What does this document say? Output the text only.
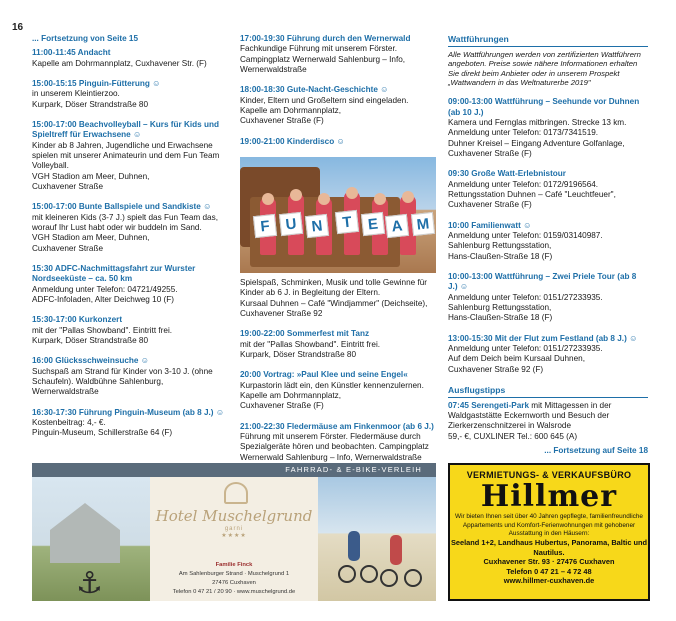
16
... Fortsetzung von Seite 15
11:00-11:45 Andacht
Kapelle am Dohrmannplatz, Cuxhavener Str. (F)
15:00-15:15 Pinguin-Fütterung ☺
in unserem Kleintierzoo.
Kurpark, Döser Strandstraße 80
15:00-17:00 Beachvolleyball – Kurs für Kids und Spieltreff für Erwachsene ☺
Kinder ab 8 Jahren, Jugendliche und Erwachsene spielen mit unserer Animateurin und dem Fun Team Volleyball.
VGH Stadion am Meer, Duhnen,
Cuxhavener Straße
15:00-17:00 Bunte Ballspiele und Sandkiste ☺
mit kleineren Kids (3-7 J.) spielt das Fun Team das, worauf Ihr Lust habt oder wir buddeln im Sand.
VGH Stadion am Meer, Duhnen,
Cuxhavener Straße
15:30 ADFC-Nachmittagsfahrt zur Wurster Nordseeküste – ca. 50 km
Anmeldung unter Telefon: 04721/49255.
ADFC-Infoladen, Alter Deichweg 10 (F)
15:30-17:00 Kurkonzert
mit der "Pallas Showband". Eintritt frei.
Kurpark, Döser Strandstraße 80
16:00 Glücksschweinsuche ☺
Suchspaß am Strand für Kinder von 3-10 J. (ohne Schaufeln). Waldbühne Sahlenburg, Wernerwaldstraße
16:30-17:30 Führung Pinguin-Museum (ab 8 J.) ☺
Kostenbeitrag: 4,- €.
Pinguin-Museum, Schillerstraße 64 (F)
17:00-19:30 Führung durch den Wernerwald
Fachkundige Führung mit unserem Förster.
Campingplatz Wernerwald Sahlenburg – Info, Wernerwaldstraße
18:00-18:30 Gute-Nacht-Geschichte ☺
Kinder, Eltern und Großeltern sind eingeladen.
Kapelle am Dohrmannplatz,
Cuxhavener Straße (F)
19:00-21:00 Kinderdisco ☺
F U N	T E A M
Spielspaß, Schminken, Musik und tolle Gewinne für Kinder ab 6 J. in Begleitung der Eltern.
Kursaal Duhnen – Café "Windjammer" (Deichseite), Cuxhavener Straße 92
19:00-22:00 Sommerfest mit Tanz
mit der "Pallas Showband". Eintritt frei.
Kurpark, Döser Strandstraße 80
20:00 Vortrag: »Paul Klee und seine Engel«
Kurpastorin lädt ein, den Künstler kennenzulernen.
Kapelle am Dohrmannplatz,
Cuxhavener Straße (F)
21:00-22:30 Fledermäuse am Finkenmoor (ab 6 J.)
Führung mit unserem Förster. Fledermäuse durch Spezialgeräte hören und beobachten. Campingplatz Wernerwald Sahlenburg – Info, Wernerwaldstraße
Wattführungen
Alle Wattführungen werden von zertifizierten Wattführern angeboten. Preise sowie nähere Informationen erhalten Sie direkt beim Anbieter oder in unserem Prospekt „Wattwandern in das Weltnaturerbe 2019"
09:00-13:00 Wattführung – Seehunde vor Duhnen (ab 10 J.)
Kamera und Fernglas mitbringen. Strecke 13 km.
Anmeldung unter Telefon: 0173/7341519.
Duhner Kreisel – Eingang Adventure Golfanlage, Cuxhavener Straße (F)
09:30 Große Watt-Erlebnistour
Anmeldung unter Telefon: 0172/9196564.
Rettungsstation Duhnen – Café "Leuchtfeuer", Cuxhavener Straße (F)
10:00 Familienwatt ☺
Anmeldung unter Telefon: 0159/03140987.
Sahlenburg Rettungsstation,
Hans-Claußen-Straße 18 (F)
10:00-13:00 Wattführung – Zwei Priele Tour (ab 8 J.) ☺
Anmeldung unter Telefon: 0151/27233935.
Sahlenburg Rettungsstation,
Hans-Claußen-Straße 18 (F)
13:00-15:30 Mit der Flut zum Festland (ab 8 J.) ☺
Anmeldung unter Telefon: 0151/27233935.
Auf dem Deich beim Kursaal Duhnen,
Cuxhavener Straße 92 (F)
Ausflugstipps
07:45 Serengeti-Park mit Mittagessen in der Waldgaststätte Eckernworth und Besuch der Zierkerzenschnitzerei in Walsrode
59,- €, CUXLINER Tel.: 600 645 (A)
... Fortsetzung auf Seite 18
FAHRRAD- & E-BIKE-VERLEIH
⚓
Hotel Muschelgrund
garni
★★★★
Familie Finck
Am Sahlenburger Strand · Muschelgrund 1
27476 Cuxhaven
Telefon 0 47 21 / 20 90 · www.muschelgrund.de
VERMIETUNGS- & VERKAUFSBÜRO
Hillmer
Wir bieten Ihnen seit über 40 Jahren gepflegte, familienfreundliche Appartements und Komfort-Ferienwohnungen mit gehobener Ausstattung in den Häusern:
Seeland 1+2, Landhaus Hubertus, Panorama, Baltic und Nautilus.
Cuxhavener Str. 93 · 27476 Cuxhaven
Telefon 0 47 21 – 4 72 48
www.hillmer-cuxhaven.de
